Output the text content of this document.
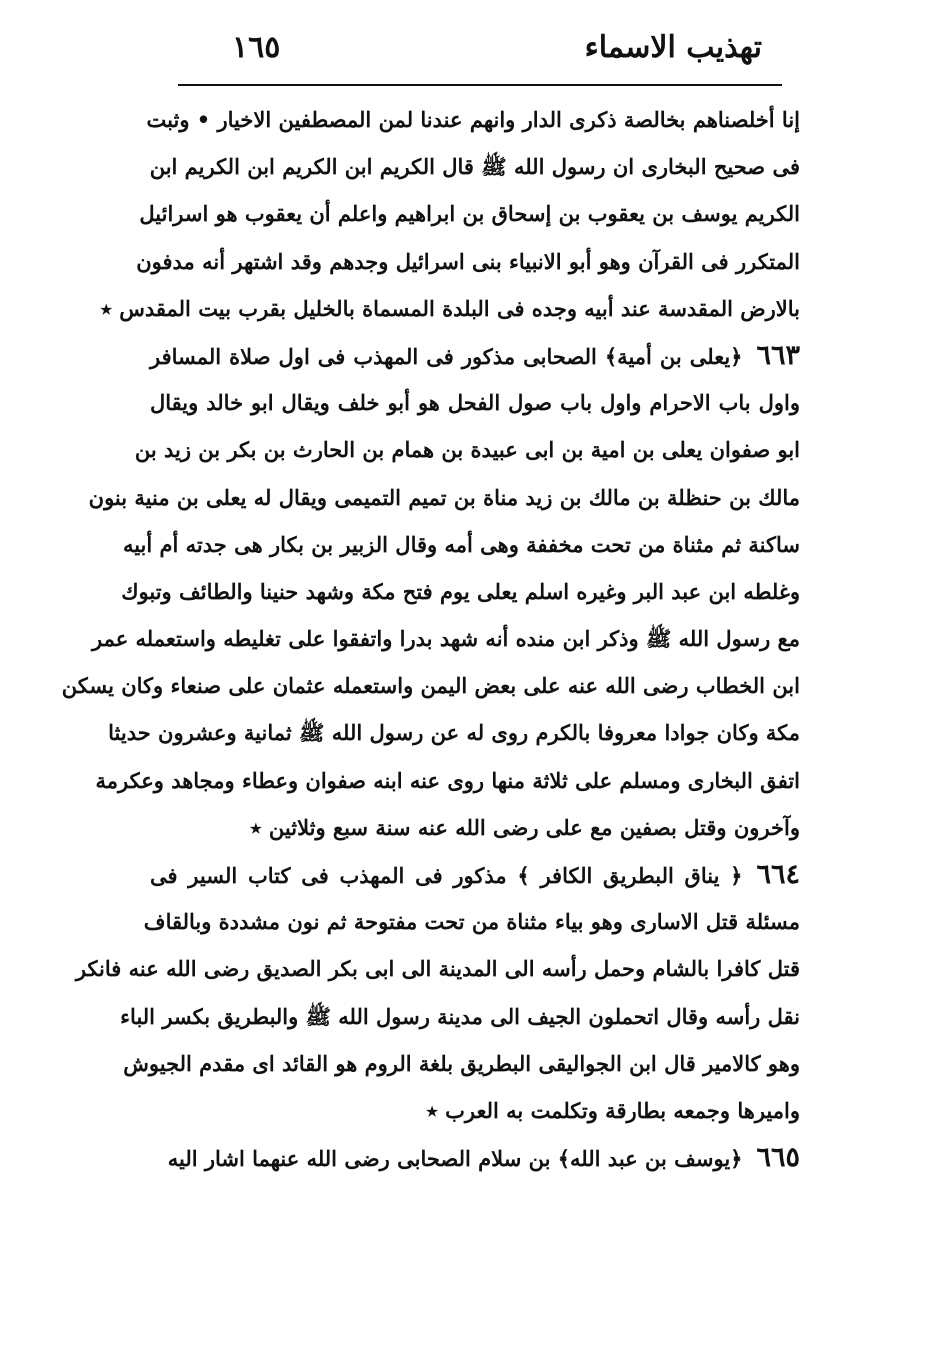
١٦٥	تهذيب الاسماء
إنا أخلصناهم بخالصة ذكرى الدار وانهم عندنا لمن المصطفين الاخيار • وثبت
فى صحيح البخارى ان رسول الله ﷺ قال الكريم ابن الكريم ابن الكريم ابن
الكريم يوسف بن يعقوب بن إسحاق بن ابراهيم واعلم أن يعقوب هو اسرائيل
المتكرر فى القرآن وهو أبو الانبياء بنى اسرائيل وجدهم وقد اشتهر أنه مدفون
بالارض المقدسة عند أبيه وجده فى البلدة المسماة بالخليل بقرب بيت المقدس ٭
٦٦٣﴿يعلى بن أمية﴾ الصحابى مذكور فى المهذب فى اول صلاة المسافر
واول باب الاحرام واول باب صول الفحل هو أبو خلف ويقال ابو خالد ويقال
ابو صفوان يعلى بن امية بن ابى عبيدة بن همام بن الحارث بن بكر بن زيد بن
مالك بن حنظلة بن مالك بن زيد مناة بن تميم التميمى ويقال له يعلى بن منية بنون
ساكنة ثم مثناة من تحت مخففة وهى أمه وقال الزبير بن بكار هى جدته أم أبيه
وغلطه ابن عبد البر وغيره اسلم يعلى يوم فتح مكة وشهد حنينا والطائف وتبوك
مع رسول الله ﷺ وذكر ابن منده أنه شهد بدرا واتفقوا على تغليطه واستعمله عمر
ابن الخطاب رضى الله عنه على بعض اليمن واستعمله عثمان على صنعاء وكان يسكن
مكة وكان جوادا معروفا بالكرم روى له عن رسول الله ﷺ ثمانية وعشرون حديثا
اتفق البخارى ومسلم على ثلاثة منها روى عنه ابنه صفوان وعطاء ومجاهد وعكرمة
وآخرون وقتل بصفين مع على رضى الله عنه سنة سبع وثلاثين ٭
٦٦٤﴿ يناق البطريق الكافر ﴾ مذكور فى المهذب فى كتاب السير فى
مسئلة قتل الاسارى وهو بياء مثناة من تحت مفتوحة ثم نون مشددة وبالقاف
قتل كافرا بالشام وحمل رأسه الى المدينة الى ابى بكر الصديق رضى الله عنه فانكر
نقل رأسه وقال اتحملون الجيف الى مدينة رسول الله ﷺ والبطريق بكسر الباء
وهو كالامير قال ابن الجواليقى البطريق بلغة الروم هو القائد اى مقدم الجيوش
واميرها وجمعه بطارقة وتكلمت به العرب ٭
٦٦٥﴿يوسف بن عبد الله﴾ بن سلام الصحابى رضى الله عنهما اشار اليه
